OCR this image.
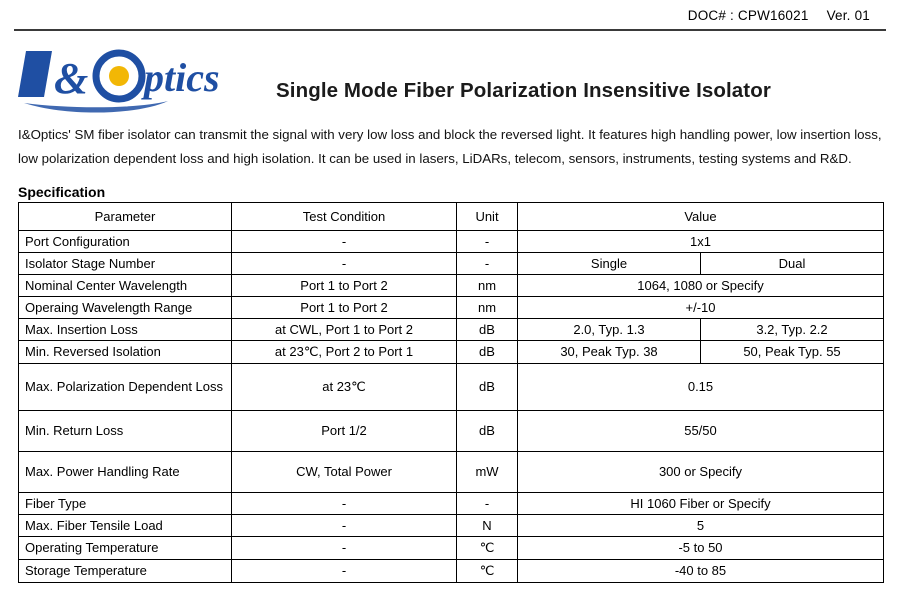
DOC# : CPW16021 Ver. 01
& ptics	Single Mode Fiber Polarization Insensitive Isolator

I&Optics' SM fiber isolator can transmit the signal with very low loss and block the reversed light. It features high handling power, low insertion loss, low polarization dependent loss and high isolation. It can be used in lasers, LiDARs, telecom, sensors, instruments, testing systems and R&D.

Specification
Parameter	Test Condition	Unit	Value	
Port Configuration	-	-	1x1	
Isolator Stage Number	-	-	Single	Dual
Nominal Center Wavelength	Port 1 to Port 2	nm	1064, 1080 or Specify	
Operaing Wavelength Range	Port 1 to Port 2	nm	+/-10	
Max. Insertion Loss	at CWL, Port 1 to Port 2	dB	2.0, Typ. 1.3	3.2, Typ. 2.2
Min. Reversed Isolation	at 23℃, Port 2 to Port 1	dB	30, Peak Typ. 38	50, Peak Typ. 55
Max. Polarization Dependent Loss	at 23℃	dB	0.15	
Min. Return Loss	Port 1/2	dB	55/50	
Max. Power Handling Rate	CW, Total Power	mW	300 or Specify	
Fiber Type	-	-	HI 1060 Fiber or Specify	
Max. Fiber Tensile Load	-	N	5	
Operating Temperature	-	℃	-5 to 50	
Storage Temperature	-	℃	-40 to 85	
